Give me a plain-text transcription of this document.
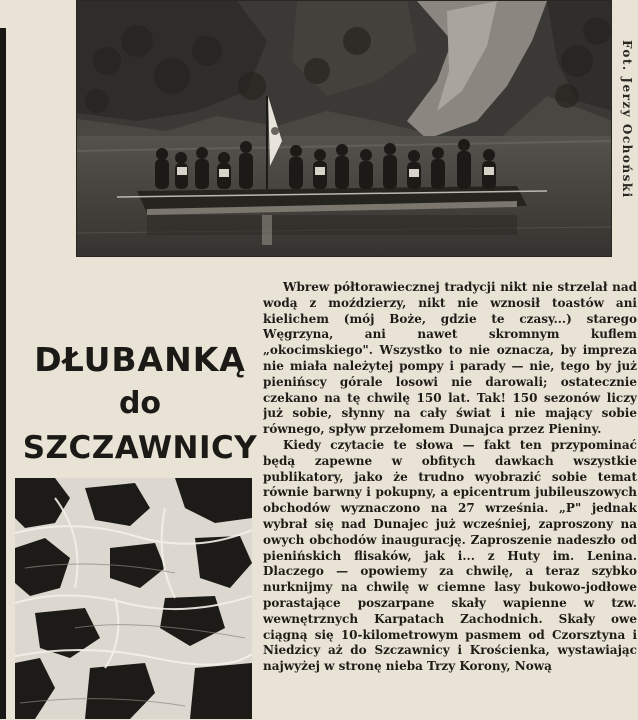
Fot. Jerzy Ochoński
DŁUBANKĄ
do
SZCZAWNICY

Wbrew półtorawiecznej tradycji nikt nie strzelał nad wodą z moździerzy, nikt nie wznosił toastów ani kielichem (mój Boże, gdzie te czasy...) starego Węgrzyna, ani nawet skromnym kuflem „okocimskiego". Wszystko to nie oznacza, by impreza nie miała należytej pompy i parady — nie, tego by już pienińscy górale losowi nie darowali; ostatecznie czekano na tę chwilę 150 lat. Tak! 150 sezonów liczy już sobie, słynny na cały świat i nie mający sobie równego, spływ przełomem Dunajca przez Pieniny.

Kiedy czytacie te słowa — fakt ten przypominać będą zapewne w obfitych dawkach wszystkie publikatory, jako że trudno wyobrazić sobie temat równie barwny i pokupny, a epicentrum jubileuszowych obchodów wyznaczono na 27 września. „P" jednak wybrał się nad Dunajec już wcześniej, zaproszony na owych obchodów inaugurację. Zaproszenie nadeszło od pienińskich flisaków, jak i... z Huty im. Lenina. Dlaczego — opowiemy za chwilę, a teraz szybko nurknijmy na chwilę w ciemne lasy bukowo-jodłowe porastające poszarpane skały wapienne w tzw. wewnętrznych Karpatach Zachodnich. Skały owe ciągną się 10-kilometrowym pasmem od Czorsztyna i Niedzicy aż do Szczawnicy i Krościenka, wystawiając najwyżej w stronę nieba Trzy Korony, Nową
